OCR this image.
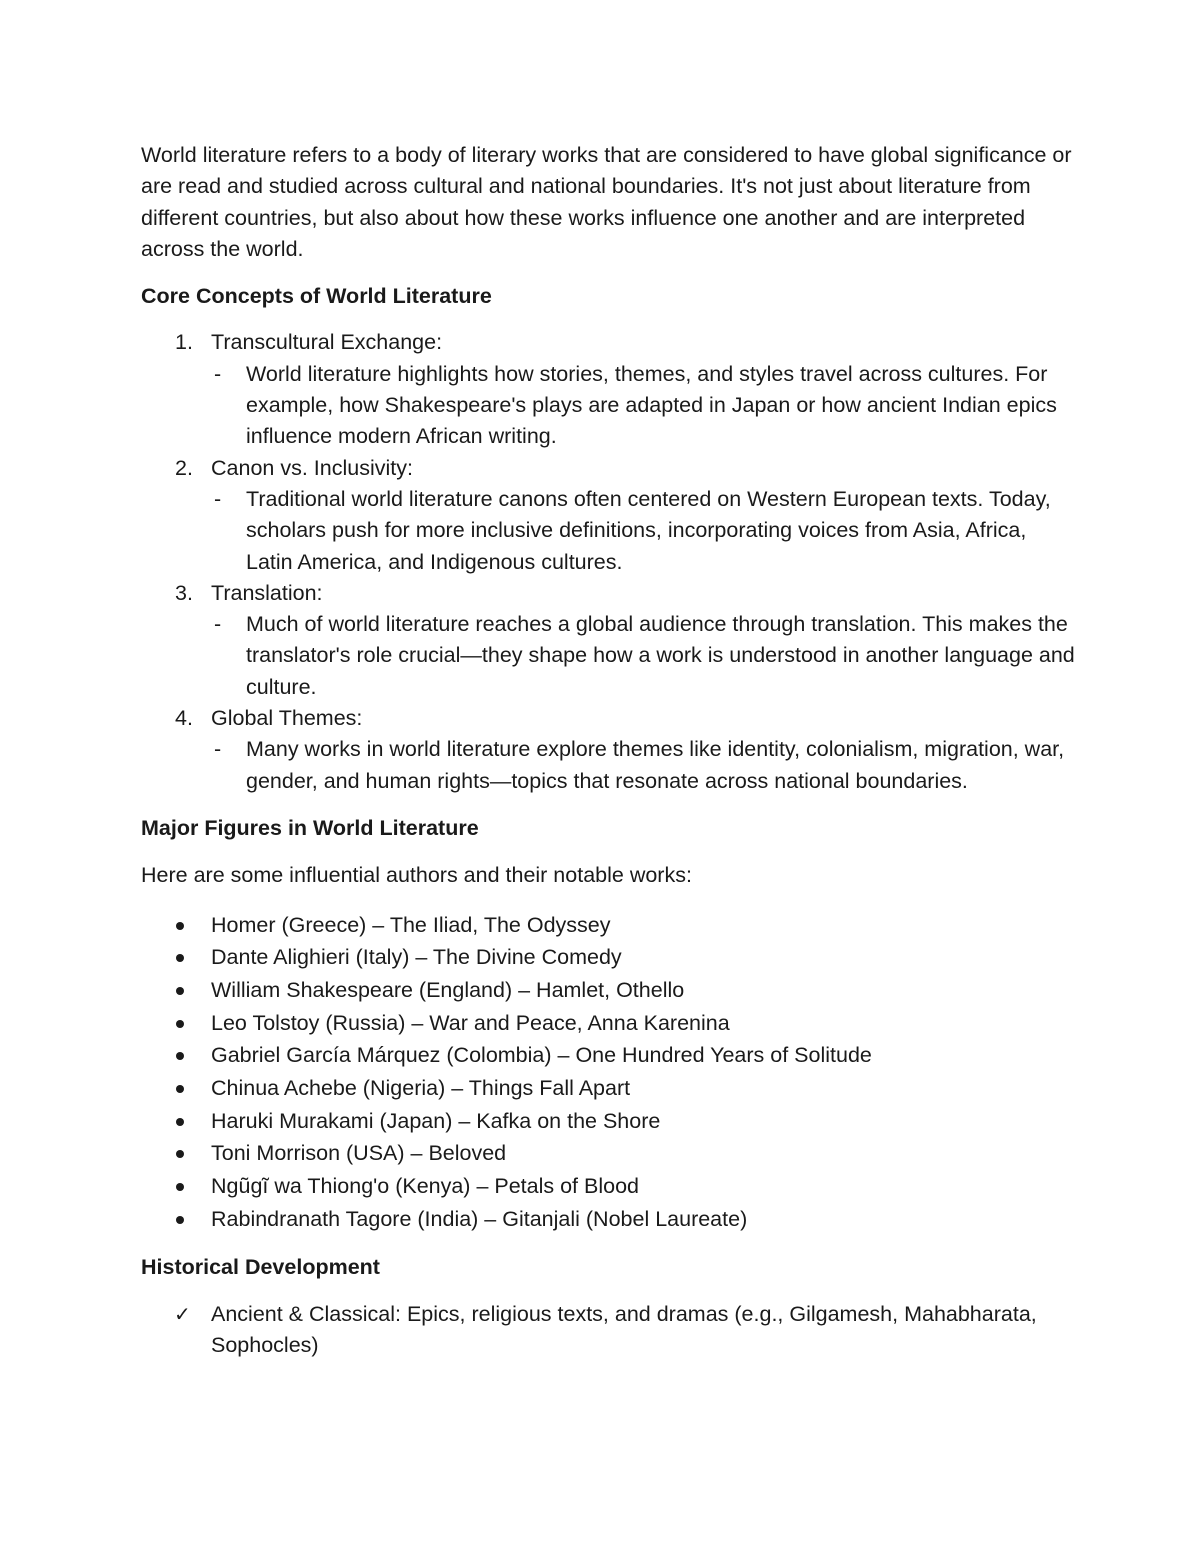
World literature refers to a body of literary works that are considered to have global significance or are read and studied across cultural and national boundaries. It's not just about literature from different countries, but also about how these works influence one another and are interpreted across the world.

Core Concepts of World Literature
1. Transcultural Exchange:
- World literature highlights how stories, themes, and styles travel across cultures. For example, how Shakespeare's plays are adapted in Japan or how ancient Indian epics influence modern African writing.
2. Canon vs. Inclusivity:
- Traditional world literature canons often centered on Western European texts. Today, scholars push for more inclusive definitions, incorporating voices from Asia, Africa, Latin America, and Indigenous cultures.
3. Translation:
- Much of world literature reaches a global audience through translation. This makes the translator's role crucial—they shape how a work is understood in another language and culture.
4. Global Themes:
- Many works in world literature explore themes like identity, colonialism, migration, war, gender, and human rights—topics that resonate across national boundaries.
Major Figures in World Literature

Here are some influential authors and their notable works:

Homer (Greece) – The Iliad, The Odyssey
Dante Alighieri (Italy) – The Divine Comedy
William Shakespeare (England) – Hamlet, Othello
Leo Tolstoy (Russia) – War and Peace, Anna Karenina
Gabriel García Márquez (Colombia) – One Hundred Years of Solitude
Chinua Achebe (Nigeria) – Things Fall Apart
Haruki Murakami (Japan) – Kafka on the Shore
Toni Morrison (USA) – Beloved
Ngũgĩ wa Thiong'o (Kenya) – Petals of Blood
Rabindranath Tagore (India) – Gitanjali (Nobel Laureate)
Historical Development
✓ Ancient & Classical: Epics, religious texts, and dramas (e.g., Gilgamesh, Mahabharata, Sophocles)
